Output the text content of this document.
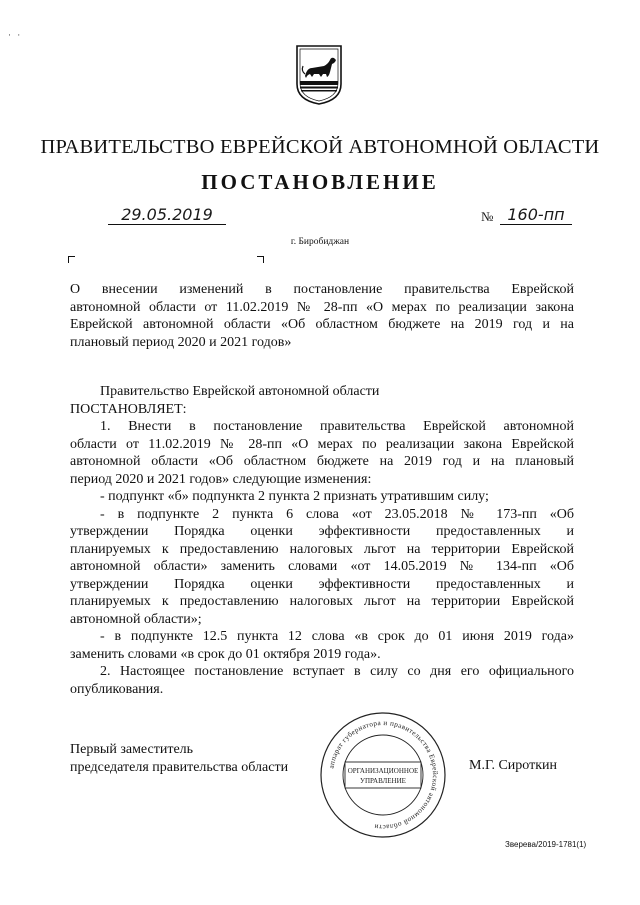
· ·
ПРАВИТЕЛЬСТВО ЕВРЕЙСКОЙ АВТОНОМНОЙ ОБЛАСТИ
ПОСТАНОВЛЕНИЕ
29.05.2019	№ 160-пп
г. Биробиджан
О внесении изменений в постановление правительства Еврейской
автономной области от 11.02.2019 № 28-пп «О мерах по реализации закона
Еврейской автономной области «Об областном бюджете на 2019 год и на
плановый период 2020 и 2021 годов»
Правительство Еврейской автономной области
ПОСТАНОВЛЯЕТ:
1. Внести в постановление правительства Еврейской автономной
области от 11.02.2019 № 28-пп «О мерах по реализации закона Еврейской
автономной области «Об областном бюджете на 2019 год и на плановый
период 2020 и 2021 годов» следующие изменения:
- подпункт «б» подпункта 2 пункта 2 признать утратившим силу;
- в подпункте 2 пункта 6 слова «от 23.05.2018 № 173-пп «Об
утверждении Порядка оценки эффективности предоставленных и
планируемых к предоставлению налоговых льгот на территории Еврейской
автономной области» заменить словами «от 14.05.2019 № 134-пп «Об
утверждении Порядка оценки эффективности предоставленных и
планируемых к предоставлению налоговых льгот на территории Еврейской
автономной области»;
- в подпункте 12.5 пункта 12 слова «в срок до 01 июня 2019 года»
заменить словами «в срок до 01 октября 2019 года».
2. Настоящее постановление вступает в силу со дня его официального
опубликования.
Первый заместитель
председателя правительства области	М.Г. Сироткин
аппарат губернатора и правительства Еврейской автономной области
ОРГАНИЗАЦИОННОЕ
УПРАВЛЕНИЕ
Зверева/2019-1781(1)
